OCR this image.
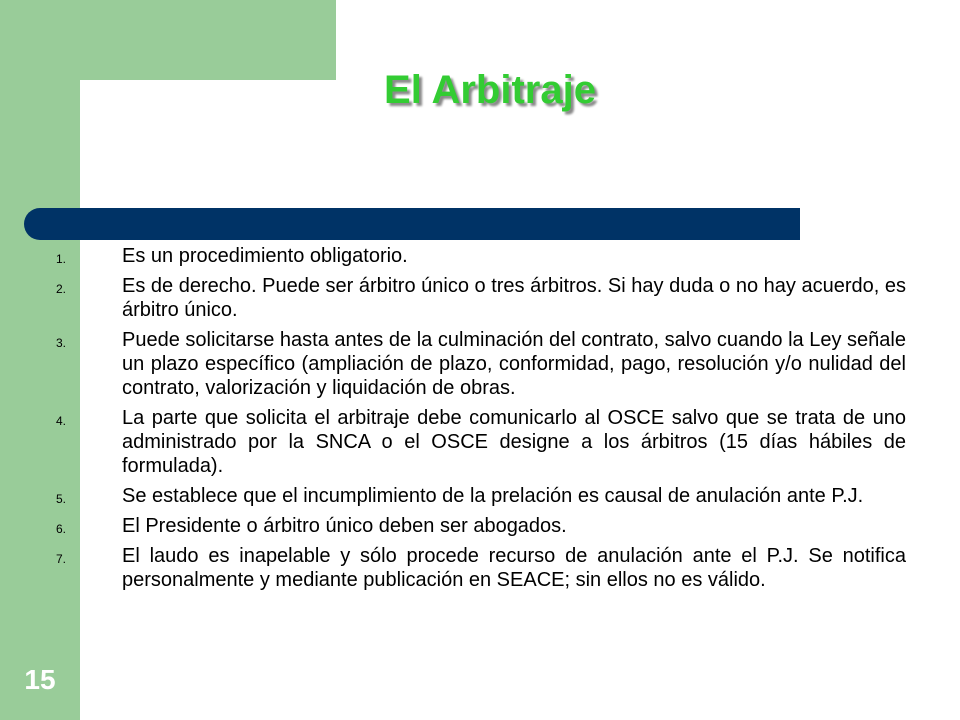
El Arbitraje
1.	Es un procedimiento obligatorio.
2.	Es de derecho. Puede ser árbitro único o tres árbitros. Si hay duda o no hay acuerdo, es árbitro único.
3.	Puede solicitarse hasta antes de la culminación del contrato, salvo cuando la Ley señale un plazo específico (ampliación de plazo, conformidad, pago, resolución y/o nulidad del contrato, valorización y liquidación de obras.
4.	La parte que solicita el arbitraje debe comunicarlo al OSCE salvo que se trata de uno administrado por la SNCA o el OSCE designe a los árbitros (15 días hábiles de formulada).
5.	Se establece que el incumplimiento de la prelación es causal de anulación ante P.J.
6.	El Presidente o árbitro único deben ser abogados.
7.	El laudo es inapelable y sólo procede recurso de anulación ante el P.J. Se notifica personalmente y mediante publicación en SEACE; sin ellos no es válido.
15
